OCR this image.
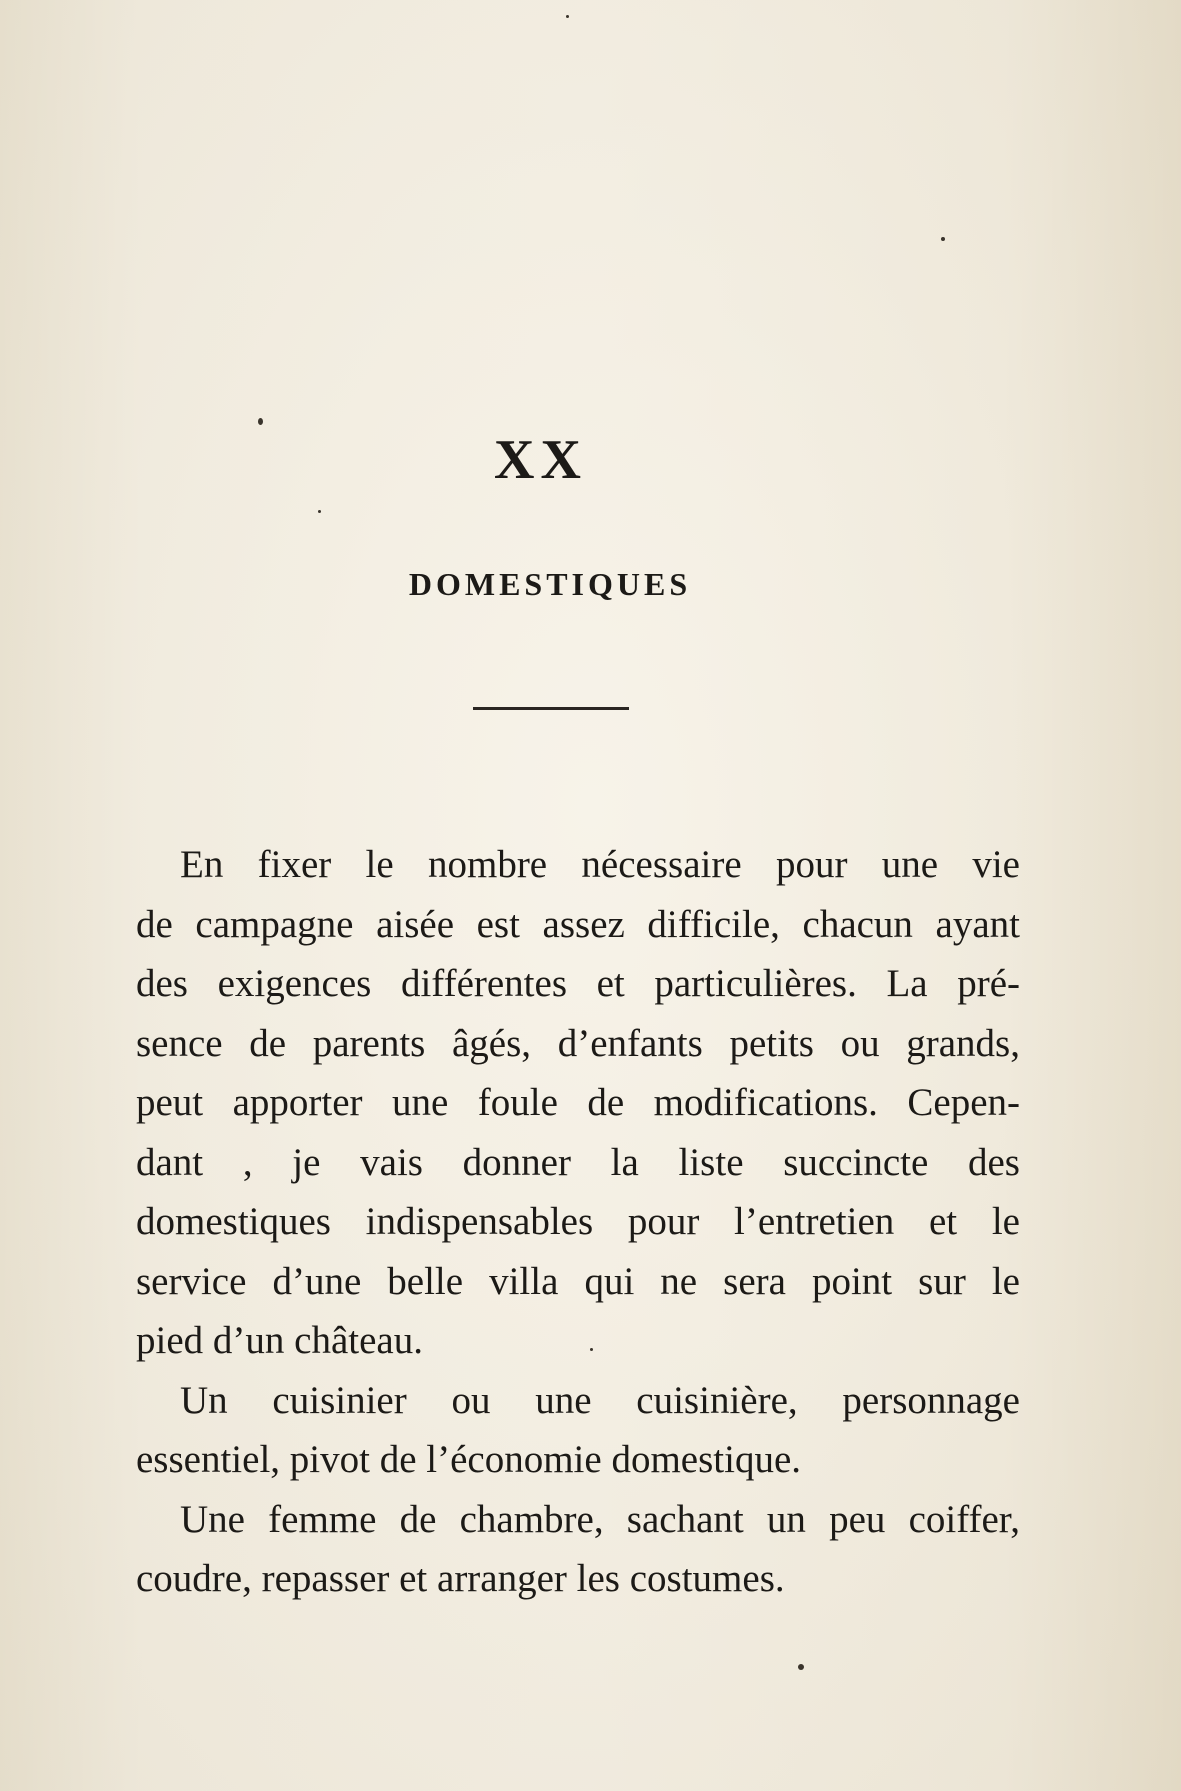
XX
DOMESTIQUES
En fixer le nombre nécessaire pour une vie
de campagne aisée est assez difficile, chacun ayant
des exigences différentes et particulières. La pré-
sence de parents âgés, d’enfants petits ou grands,
peut apporter une foule de modifications. Cepen-
dant , je vais donner la liste succincte des
domestiques indispensables pour l’entretien et le
service d’une belle villa qui ne sera point sur le
pied d’un château.
Un cuisinier ou une cuisinière, personnage
essentiel, pivot de l’économie domestique.
Une femme de chambre, sachant un peu coiffer,
coudre, repasser et arranger les costumes.
